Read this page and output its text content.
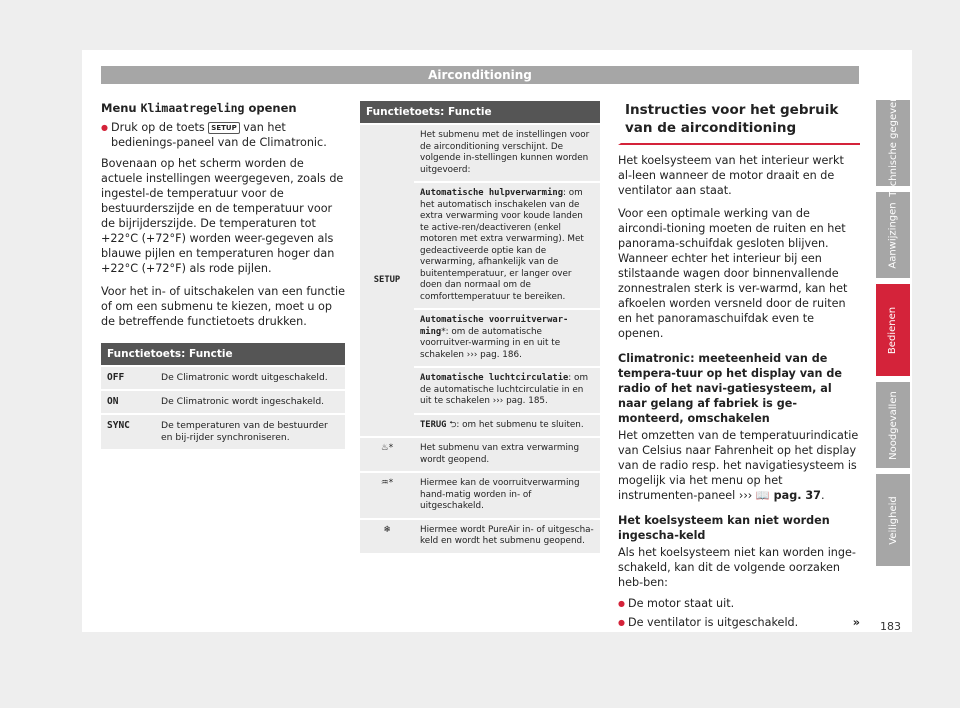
Airconditioning
Menu Klimaatregeling openen
● Druk op de toets SETUP van het bedienings-paneel van de Climatronic.
Bovenaan op het scherm worden de actuele instellingen weergegeven, zoals de ingestel-de temperatuur voor de bestuurderszijde en de temperatuur voor de bijrijderszijde. De temperaturen tot +22°C (+72°F) worden weer-gegeven als blauwe pijlen en temperaturen hoger dan +22°C (+72°F) als rode pijlen.
Voor het in- of uitschakelen van een functie of om een submenu te kiezen, moet u op de betreffende functietoets drukken.
Functietoets: Functie	
OFF	De Climatronic wordt uitgeschakeld.
ON	De Climatronic wordt ingeschakeld.
SYNC	De temperaturen van de bestuurder en bij-rijder synchroniseren.
Functietoets: Functie	
SETUP	Het submenu met de instellingen voor de airconditioning verschijnt. De volgende in-stellingen kunnen worden uitgevoerd:
	Automatische hulpverwarming: om het automatisch inschakelen van de extra verwarming voor koude landen te active-ren/deactiveren (enkel motoren met extra verwarming). Met gedeactiveerde optie kan de verwarming, afhankelijk van de buitentemperatuur, er langer over doen dan normaal om de comforttemperatuur te bereiken.
	Automatische voorruitverwar-ming*: om de automatische voorruitver-warming in en uit te schakelen ››› pag. 186.
	Automatische luchtcirculatie: om de automatische luchtcirculatie in en uit te schakelen ››› pag. 185.
	TERUG ⮌: om het submenu te sluiten.
♨*	Het submenu van extra verwarming wordt geopend.
♒*	Hiermee kan de voorruitverwarming hand-matig worden in- of uitgeschakeld.
❄	Hiermee wordt PureAir in- of uitgescha-keld en wordt het submenu geopend.
Instructies voor het gebruik van de airconditioning
Het koelsysteem van het interieur werkt al-leen wanneer de motor draait en de ventilator aan staat.
Voor een optimale werking van de aircondi-tioning moeten de ruiten en het panorama-schuifdak gesloten blijven. Wanneer echter het interieur bij een stilstaande wagen door binnenvallende zonnestralen sterk is ver-warmd, kan het afkoelen worden versneld door de ruiten en het panoramaschuifdak even te openen.
Climatronic: meeteenheid van de tempera-tuur op het display van de radio of het navi-gatiesysteem, al naar gelang af fabriek is ge-monteerd, omschakelen
Het omzetten van de temperatuurindicatie van Celsius naar Fahrenheit op het display van de radio resp. het navigatiesysteem is mogelijk via het menu op het instrumenten-paneel ››› 📖 pag. 37.
Het koelsysteem kan niet worden ingescha-keld
Als het koelsysteem niet kan worden inge-schakeld, kan dit de volgende oorzaken heb-ben:
● De motor staat uit.
● De ventilator is uitgeschakeld.	»
Technische gegevens
Aanwijzingen
Bedienen
Noodgevallen
Veiligheid
183
